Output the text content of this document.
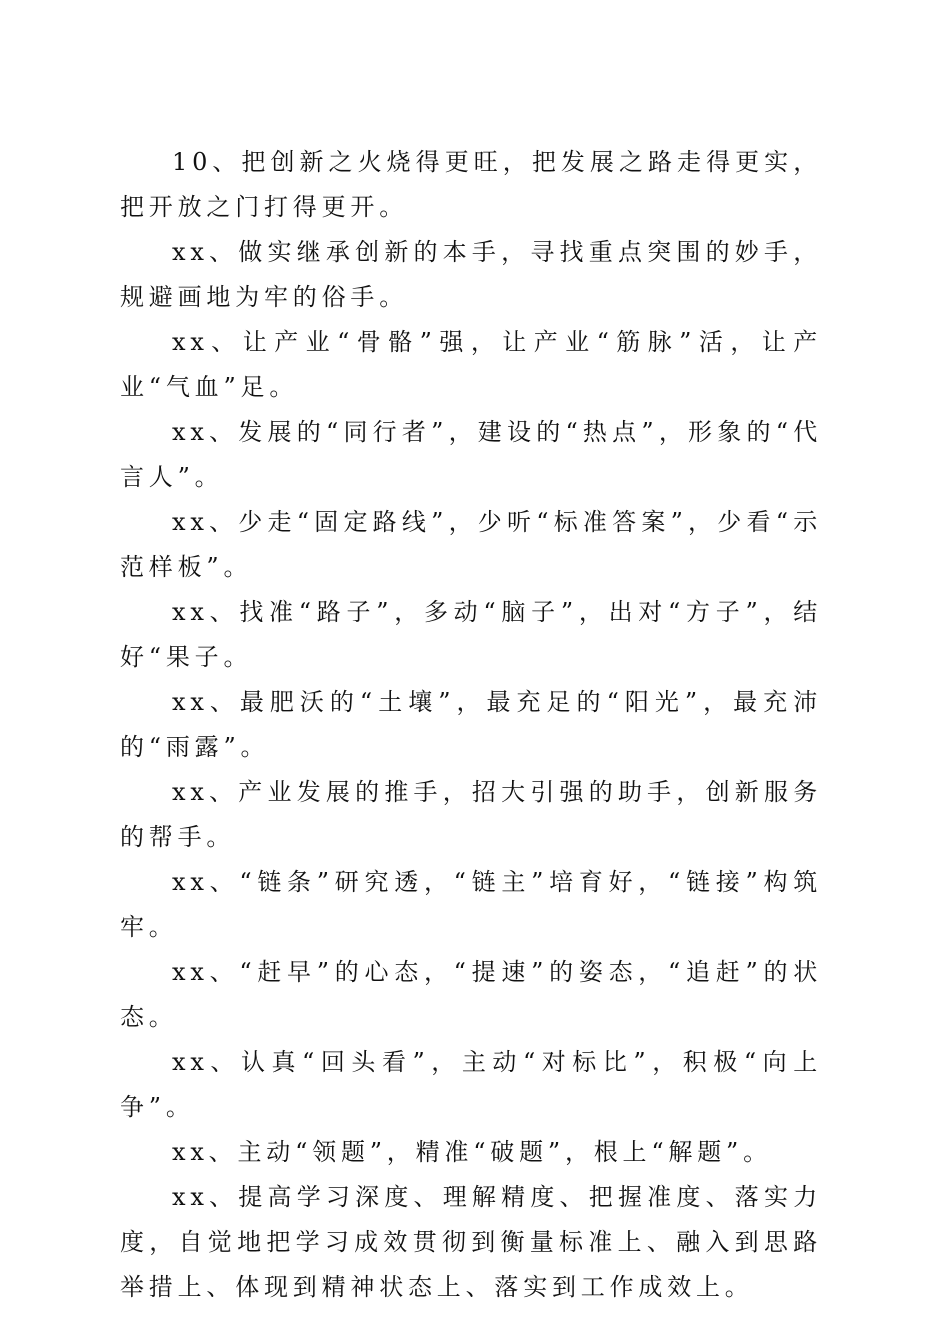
10、把创新之火烧得更旺，把发展之路走得更实，把开放之门打得更开。

xx、做实继承创新的本手，寻找重点突围的妙手，规避画地为牢的俗手。

xx、让产业“骨骼”强，让产业“筋脉”活，让产业“气血”足。

xx、发展的“同行者”，建设的“热点”，形象的“代言人”。

xx、少走“固定路线”，少听“标准答案”，少看“示范样板”。

xx、找准“路子”，多动“脑子”，出对“方子”，结好“果子。

xx、最肥沃的“土壤”，最充足的“阳光”，最充沛的“雨露”。

xx、产业发展的推手，招大引强的助手，创新服务的帮手。

xx、“链条”研究透，“链主”培育好，“链接”构筑牢。

xx、“赶早”的心态，“提速”的姿态，“追赶”的状态。

xx、认真“回头看”，主动“对标比”，积极“向上争”。

xx、主动“领题”，精准“破题”，根上“解题”。

xx、提高学习深度、理解精度、把握准度、落实力度，自觉地把学习成效贯彻到衡量标准上、融入到思路举措上、体现到精神状态上、落实到工作成效上。
